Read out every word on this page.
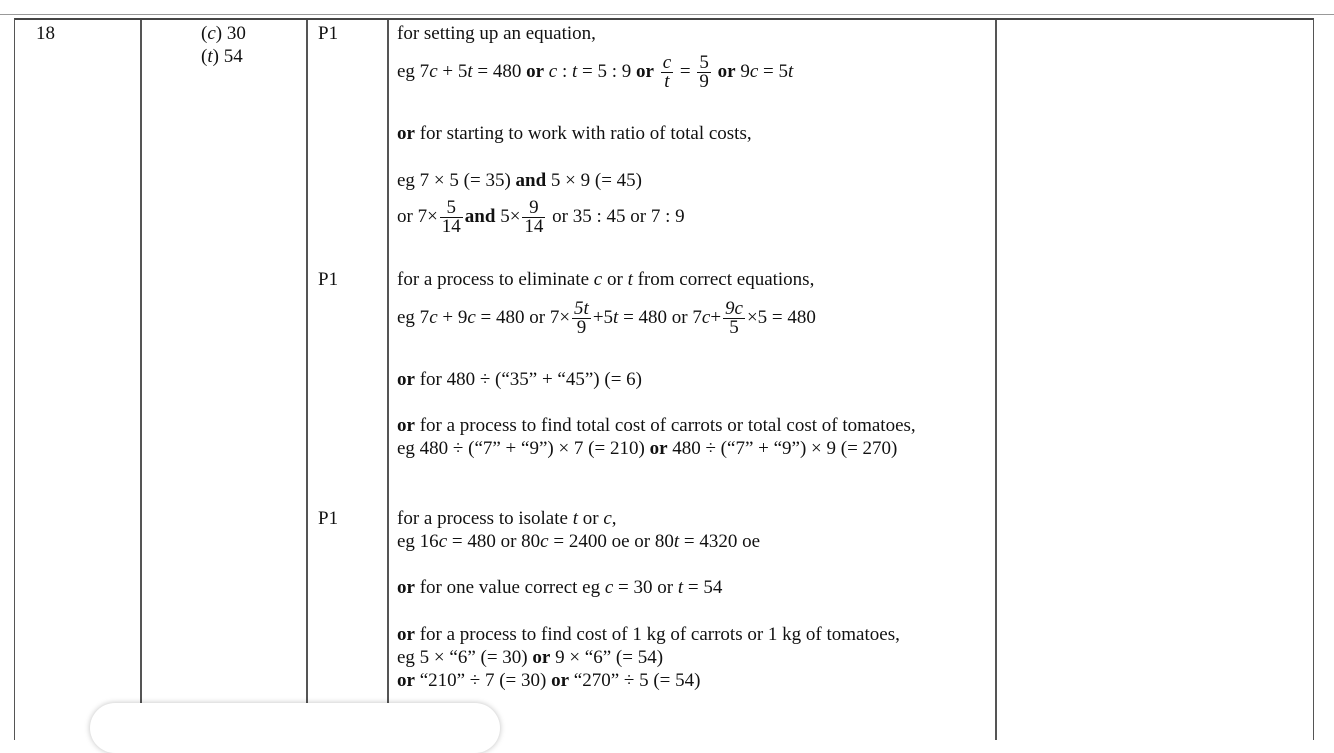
18	(c) 30
(t) 54
P1
P1
P1
for setting up an equation,
eg 7c + 5t = 480 or c : t = 5 : 9 or $\frac{c}{t} = \frac{5}{9}$ or 9c = 5t
or for starting to work with ratio of total costs,
eg 7 × 5 (= 35) and 5 × 9 (= 45)
or $7\times \frac{5}{14}$ and $5\times \frac{9}{14}$ or 35 : 45 or 7 : 9
for a process to eliminate c or t from correct equations,
eg 7c + 9c = 480 or $7\times \frac{5t}{9} +5t = 480$ or $7c+ \frac{9c}{5} \times 5 = 480$
or for 480 ÷ (“35” + “45”) (= 6)
or for a process to find total cost of carrots or total cost of tomatoes,
eg 480 ÷ (“7” + “9”) × 7 (= 210) or 480 ÷ (“7” + “9”) × 9 (= 270)
for a process to isolate t or c,
eg 16c = 480 or 80c = 2400 oe or 80t = 4320 oe
or for one value correct eg c = 30 or t = 54
or for a process to find cost of 1 kg of carrots or 1 kg of tomatoes,
eg 5 × “6” (= 30) or 9 × “6” (= 54)
or “210” ÷ 7 (= 30) or “270” ÷ 5 (= 54)
